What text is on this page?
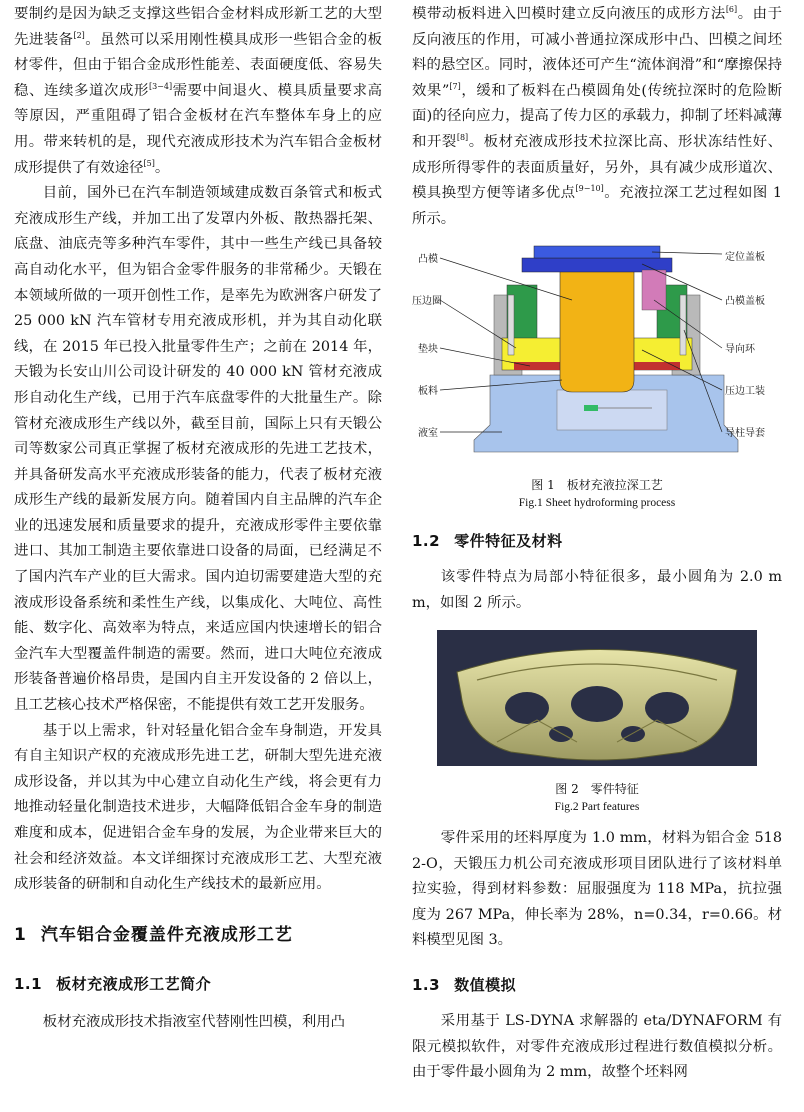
要制约是因为缺乏支撑这些铝合金材料成形新工艺的大型先进装备[2]。虽然可以采用刚性模具成形一些铝合金的板材零件，但由于铝合金成形性能差、表面硬度低、容易失稳、连续多道次成形[3−4]需要中间退火、模具质量要求高等原因，严重阻碍了铝合金板材在汽车整体车身上的应用。带来转机的是，现代充液成形技术为汽车铝合金板材成形提供了有效途径[5]。

目前，国外已在汽车制造领域建成数百条管式和板式充液成形生产线，并加工出了发罩内外板、散热器托架、底盘、油底壳等多种汽车零件，其中一些生产线已具备较高自动化水平，但为铝合金零件服务的非常稀少。天锻在本领域所做的一项开创性工作，是率先为欧洲客户研发了 25 000 kN 汽车管材专用充液成形机，并为其自动化联线，在 2015 年已投入批量零件生产；之前在 2014 年，天锻为长安山川公司设计研发的 40 000 kN 管材充液成形自动化生产线，已用于汽车底盘零件的大批量生产。除管材充液成形生产线以外，截至目前，国际上只有天锻公司等数家公司真正掌握了板材充液成形的先进工艺技术，并具备研发高水平充液成形装备的能力，代表了板材充液成形生产线的最新发展方向。随着国内自主品牌的汽车企业的迅速发展和质量要求的提升，充液成形零件主要依靠进口、其加工制造主要依靠进口设备的局面，已经满足不了国内汽车产业的巨大需求。国内迫切需要建造大型的充液成形设备系统和柔性生产线，以集成化、大吨位、高性能、数字化、高效率为特点，来适应国内快速增长的铝合金汽车大型覆盖件制造的需要。然而，进口大吨位充液成形装备普遍价格昂贵，是国内自主开发设备的 2 倍以上，且工艺核心技术严格保密，不能提供有效工艺开发服务。

基于以上需求，针对轻量化铝合金车身制造，开发具有自主知识产权的充液成形先进工艺，研制大型先进充液成形设备，并以其为中心建立自动化生产线，将会更有力地推动轻量化制造技术进步，大幅降低铝合金车身的制造难度和成本，促进铝合金车身的发展，为企业带来巨大的社会和经济效益。本文详细探讨充液成形工艺、大型充液成形装备的研制和自动化生产线技术的最新应用。

1 汽车铝合金覆盖件充液成形工艺
1.1 板材充液成形工艺简介

板材充液成形技术指液室代替刚性凹模，利用凸

模带动板料进入凹模时建立反向液压的成形方法[6]。由于反向液压的作用，可减小普通拉深成形中凸、凹模之间坯料的悬空区。同时，液体还可产生“流体润滑”和“摩擦保持效果”[7]，缓和了板料在凸模圆角处(传统拉深时的危险断面)的径向应力，提高了传力区的承载力，抑制了坯料减薄和开裂[8]。板材充液成形技术拉深比高、形状冻结性好、成形所得零件的表面质量好，另外，具有减少成形道次、模具换型方便等诸多优点[9−10]。充液拉深工艺过程如图 1 所示。

凸模
压边圈
垫块
板料
液室
定位盖板
凸模盖板
导向环
压边工装
导柱导套

图 1　板材充液拉深工艺

Fig.1 Sheet hydroforming process

1.2 零件特征及材料

该零件特点为局部小特征很多，最小圆角为 2.0 mm，如图 2 所示。

图 2　零件特征

Fig.2 Part features

零件采用的坯料厚度为 1.0 mm，材料为铝合金 5182-O，天锻压力机公司充液成形项目团队进行了该材料单拉实验，得到材料参数：屈服强度为 118 MPa，抗拉强度为 267 MPa，伸长率为 28%，n=0.34，r=0.66。材料模型见图 3。

1.3 数值模拟

采用基于 LS-DYNA 求解器的 eta/DYNAFORM 有限元模拟软件，对零件充液成形过程进行数值模拟分析。由于零件最小圆角为 2 mm，故整个坯料网
